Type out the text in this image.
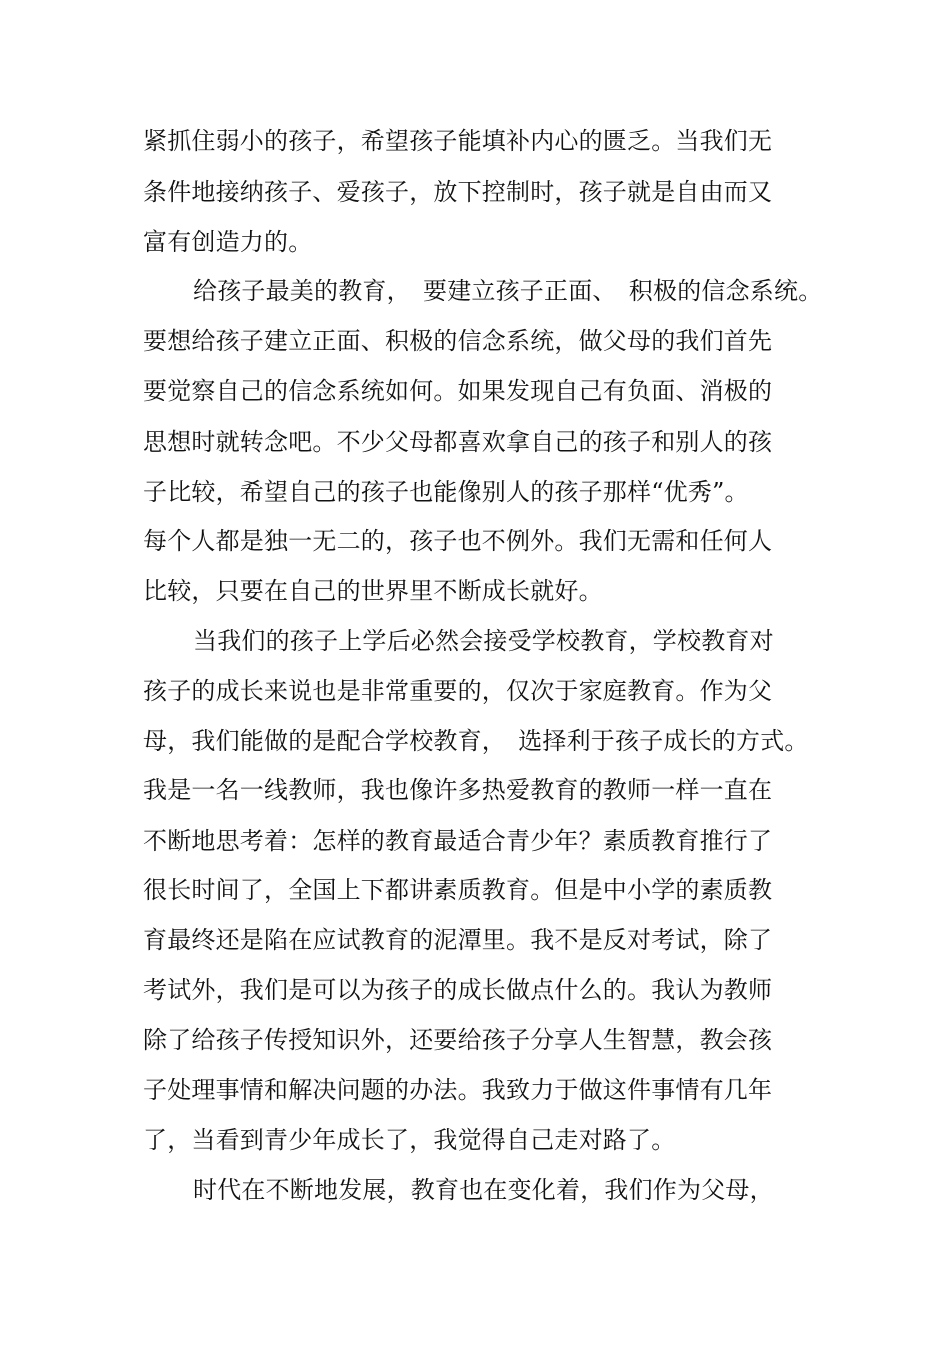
紧抓住弱小的孩子，希望孩子能填补内心的匮乏。当我们无
条件地接纳孩子、爱孩子，放下控制时，孩子就是自由而又
富有创造力的。
给孩子最美的教育，　要建立孩子正面、　积极的信念系统。
要想给孩子建立正面、积极的信念系统，做父母的我们首先
要觉察自己的信念系统如何。如果发现自己有负面、消极的
思想时就转念吧。不少父母都喜欢拿自己的孩子和别人的孩
子比较，希望自己的孩子也能像别人的孩子那样“优秀”。
每个人都是独一无二的，孩子也不例外。我们无需和任何人
比较，只要在自己的世界里不断成长就好。
当我们的孩子上学后必然会接受学校教育，学校教育对
孩子的成长来说也是非常重要的，仅次于家庭教育。作为父
母，我们能做的是配合学校教育，　选择利于孩子成长的方式。
我是一名一线教师，我也像许多热爱教育的教师一样一直在
不断地思考着：怎样的教育最适合青少年？素质教育推行了
很长时间了，全国上下都讲素质教育。但是中小学的素质教
育最终还是陷在应试教育的泥潭里。我不是反对考试，除了
考试外，我们是可以为孩子的成长做点什么的。我认为教师
除了给孩子传授知识外，还要给孩子分享人生智慧，教会孩
子处理事情和解决问题的办法。我致力于做这件事情有几年
了，当看到青少年成长了，我觉得自己走对路了。
时代在不断地发展，教育也在变化着，我们作为父母，
